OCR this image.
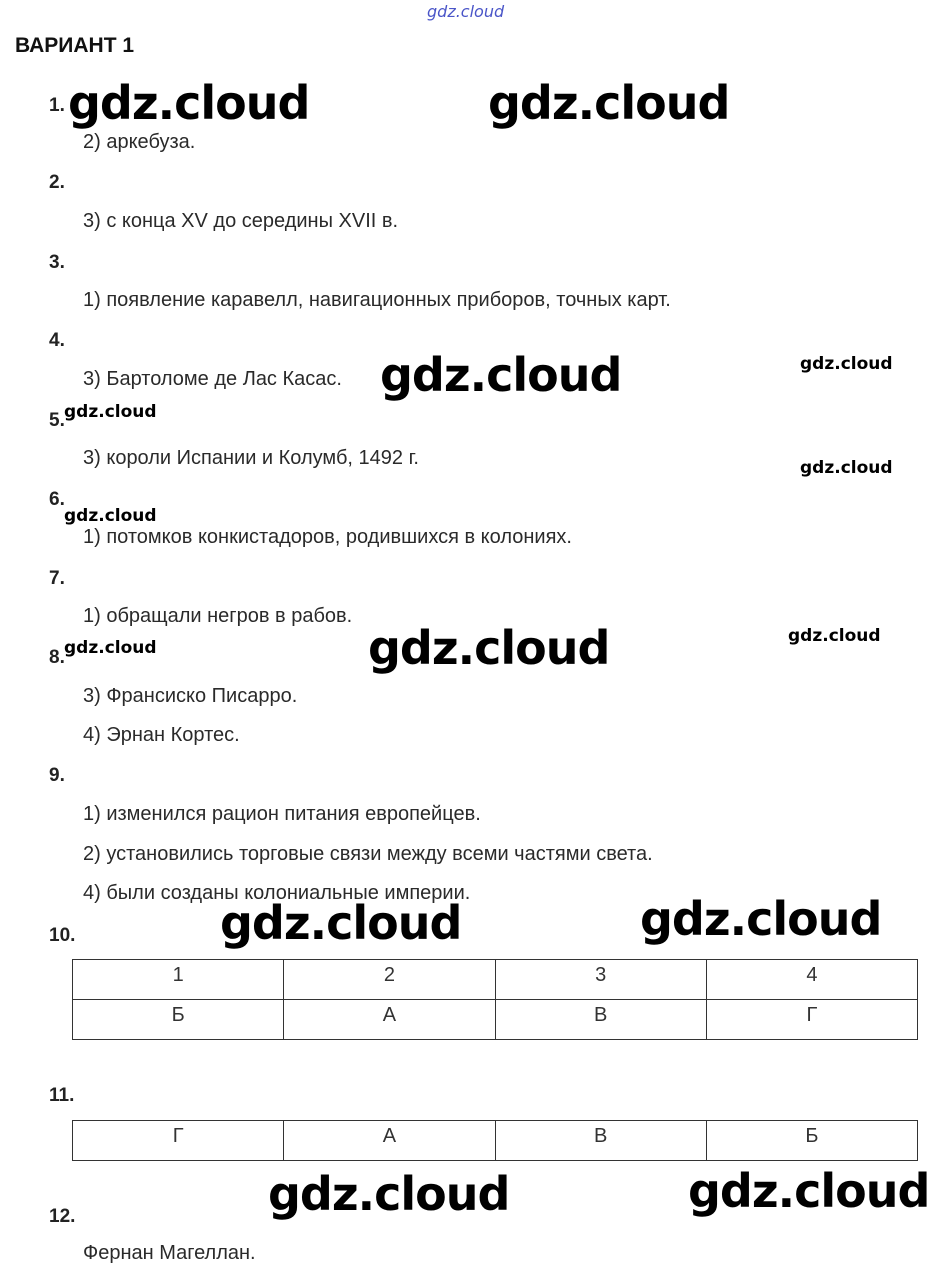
gdz.cloud
ВАРИАНТ 1
1.
2) аркебуза.
2.
3) с конца XV до середины XVII в.
3.
1) появление каравелл, навигационных приборов, точных карт.
4.
3) Бартоломе де Лас Касас.
5.
3) короли Испании и Колумб, 1492 г.
6.
1) потомков конкистадоров, родившихся в колониях.
7.
1) обращали негров в рабов.
8.
3) Франсиско Писарро.
4) Эрнан Кортес.
9.
1) изменился рацион питания европейцев.
2) установились торговые связи между всеми частями света.
4) были созданы колониальные империи.
10.
1	2	3	4
Б	А	В	Г
11.
Г	А	В	Б
12.
Фернан Магеллан.
gdz.cloud	gdz.cloud
gdz.cloud
gdz.cloud
gdz.cloud	gdz.cloud
gdz.cloud	gdz.cloud
gdz.cloud
gdz.cloud
gdz.cloud
gdz.cloud
gdz.cloud
gdz.cloud
